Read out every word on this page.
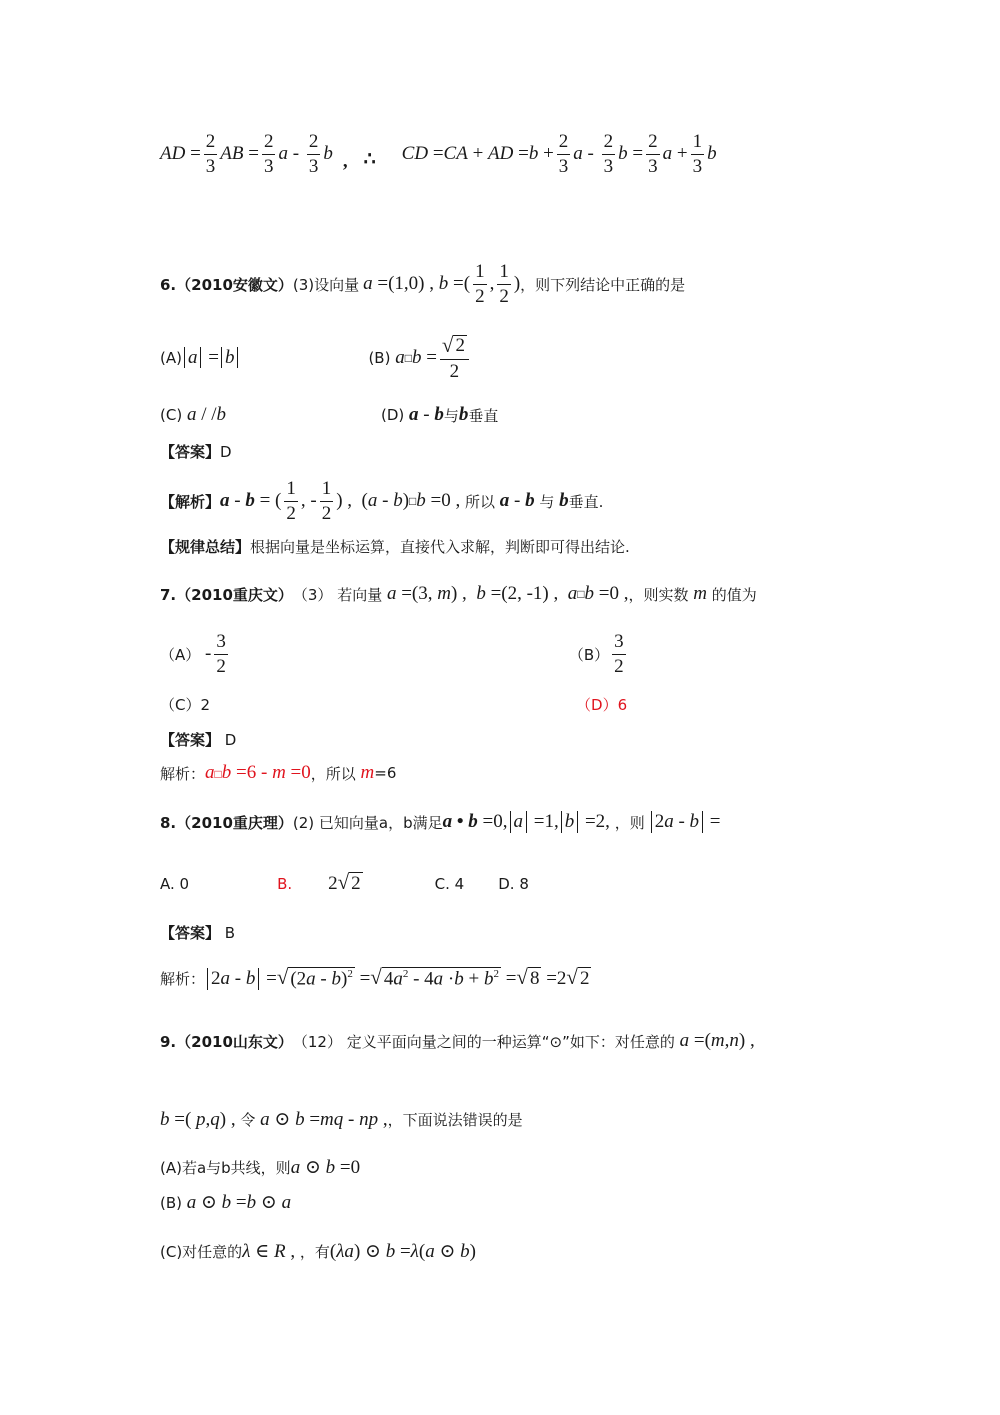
AD = $\frac{2}{3}$ AB = $\frac{2}{3}$ a - $\frac{2}{3}$ b , ∴ CD = CA + AD = $b + \frac{2}{3}$ a - $\frac{2}{3}$ $b = \frac{2}{3}$ $a + \frac{1}{3}$ b
6.（2010安徽文） (3)设向量 a =(1,0) , b =( $\frac{1}{2}$ , $\frac{1}{2}$ ) ，则下列结论中正确的是
(A) a = b	(B) a □ $b = \frac{√ 2}{2}$
(C) a / / b	(D) a - b 与 b 垂直
【答案】 D
【解析】 a - b = ( $\frac{1}{2}$ , - $\frac{1}{2}$ ) ,  ( a - b ) □ b =0 , 所以 a - b
与 b 垂直.
【规律总结】 根据向量是坐标运算，直接代入求解，判断即可得出结论.
7.（2010重庆文） （3） 若向量 a =(3, m ) , b =(2, -1) , a □ b =0 , ，则实数 m 的值为
$(A) - \frac{3}{2}$	$(B) \frac{3}{2}$
（C）2	（D）6
【答案】
D
解析： a□b =6 - m =0 ，所以 m =6
8.（2010重庆理） (2) 已知向量a，b满足 a • b =0, a =1, b =2, ，则 2a - b =
A. 0	B. 2 √ 2	C. 4 D. 8
【答案】
B
解析： 2a - b = √ (2a - b)$^2$ = √ $4a^2 - 4a \cdot b + b^2$ = √ 8 =2 √ 2
9.（2010山东文） （12） 定义平面向量之间的一种运算“⊙”如下：对任意的 a =( m , n ) ,
b =( p , q ) , 令 a ⊙ b = mq - np , ，下面说法错误的是
(A)若a与b共线，则 a ⊙ b =0
(B) a ⊙ b = b ⊙ a
(C)对任意的 λ ∈ R , ，有 ( λa ) ⊙ b = λ ( a ⊙ b )
